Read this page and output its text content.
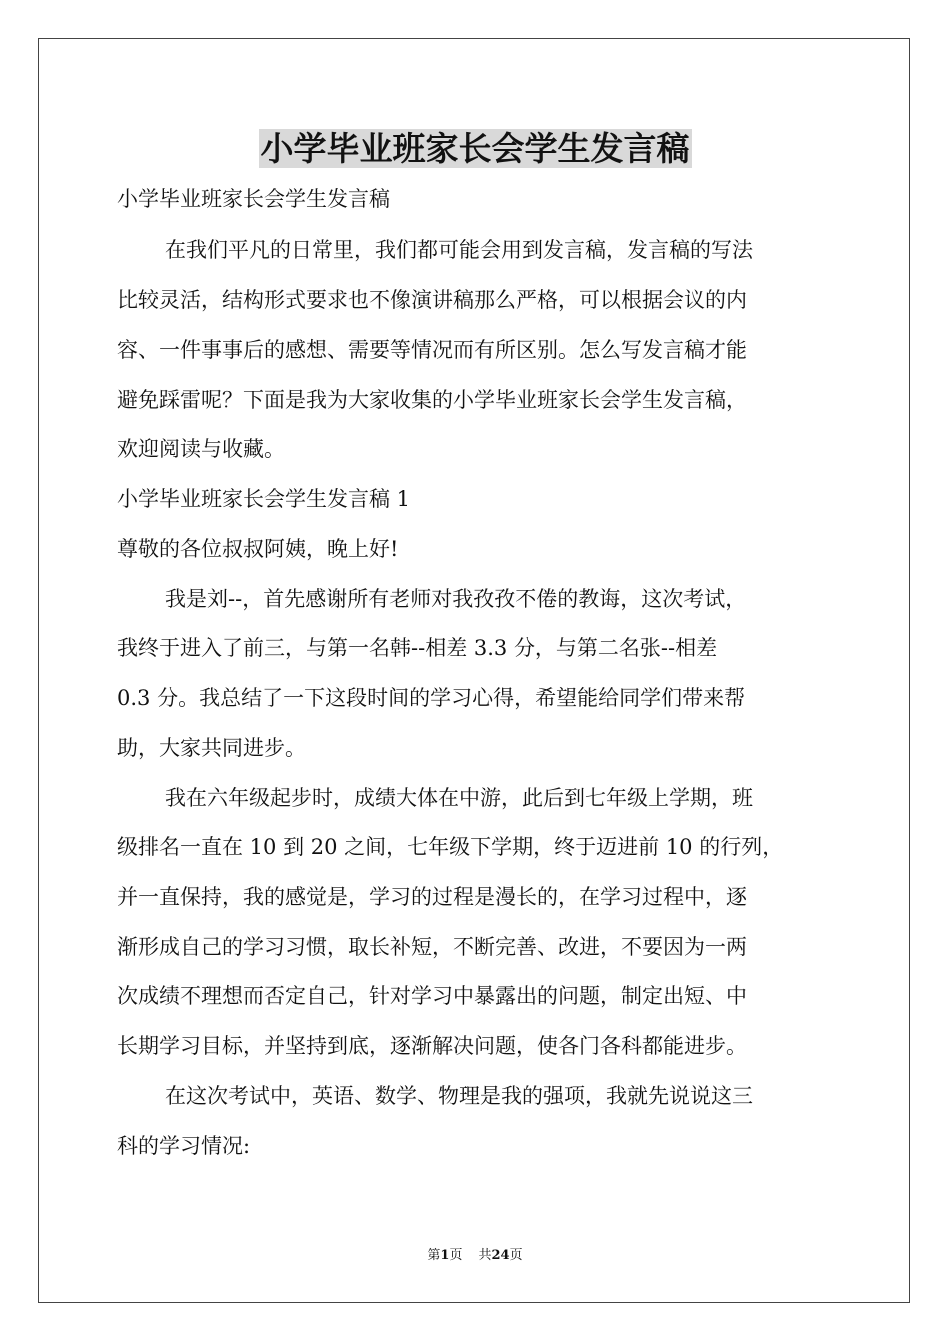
小学毕业班家长会学生发言稿

小学毕业班家长会学生发言稿

在我们平凡的日常里，我们都可能会用到发言稿，发言稿的写法

比较灵活，结构形式要求也不像演讲稿那么严格，可以根据会议的内

容、一件事事后的感想、需要等情况而有所区别。怎么写发言稿才能

避免踩雷呢？下面是我为大家收集的小学毕业班家长会学生发言稿，

欢迎阅读与收藏。

小学毕业班家长会学生发言稿 1

尊敬的各位叔叔阿姨，晚上好!

我是刘--，首先感谢所有老师对我孜孜不倦的教诲，这次考试，

我终于进入了前三，与第一名韩--相差 3.3 分，与第二名张--相差

0.3 分。我总结了一下这段时间的学习心得，希望能给同学们带来帮

助，大家共同进步。

我在六年级起步时，成绩大体在中游，此后到七年级上学期，班

级排名一直在 10 到 20 之间，七年级下学期，终于迈进前 10 的行列，

并一直保持，我的感觉是，学习的过程是漫长的，在学习过程中，逐

渐形成自己的学习习惯，取长补短，不断完善、改进，不要因为一两

次成绩不理想而否定自己，针对学习中暴露出的问题，制定出短、中

长期学习目标，并坚持到底，逐渐解决问题，使各门各科都能进步。

在这次考试中，英语、数学、物理是我的强项，我就先说说这三

科的学习情况:

第1页 共24页
